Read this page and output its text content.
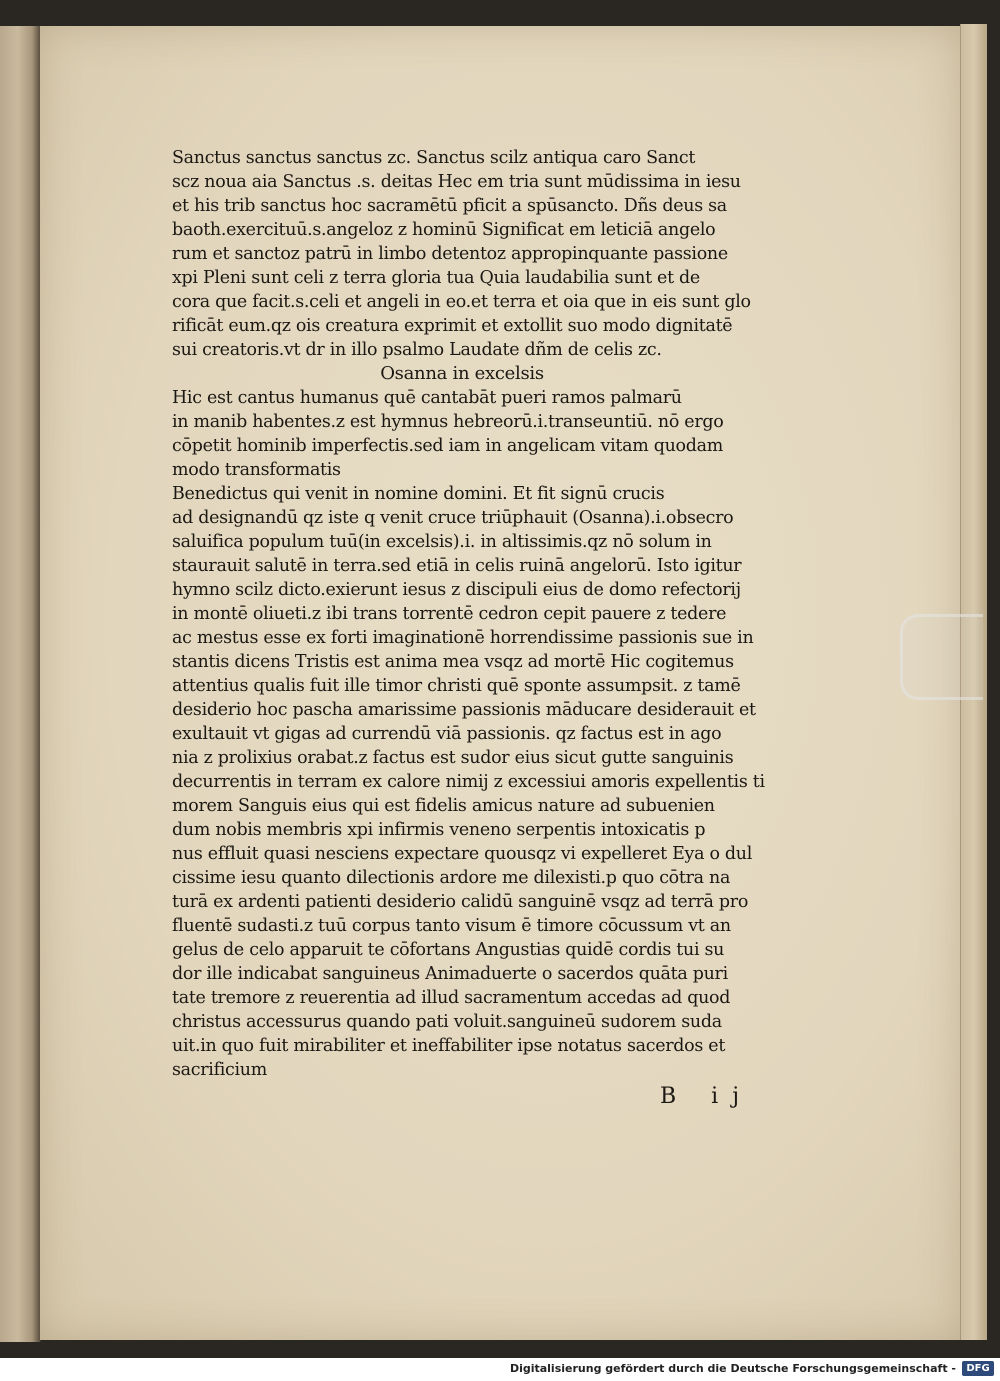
Sanctus sanctus sanctus zc. Sanctus scilz antiqua caro Sanct
scz noua aia Sanctus .s. deitas Hec em tria sunt mūdissima in iesu
et his trib sanctus hoc sacramētū pficit a spūsancto. Dñs deus sa
baoth.exercituū.s.angeloz z hominū Significat em leticiā angelo
rum et sanctoz patrū in limbo detentoz appropinquante passione
xpi Pleni sunt celi z terra gloria tua Quia laudabilia sunt et de
cora que facit.s.celi et angeli in eo.et terra et oia que in eis sunt glo
rificāt eum.qz ois creatura exprimit et extollit suo modo dignitatē
sui creatoris.vt dr in illo psalmo Laudate dñm de celis zc.
Osanna in excelsis
Hic est cantus humanus quē cantabāt pueri ramos palmarū
in manib habentes.z est hymnus hebreorū.i.transeuntiū. nō ergo
cōpetit hominib imperfectis.sed iam in angelicam vitam quodam
modo transformatis
Benedictus qui venit in nomine domini. Et fit signū crucis
ad designandū qz iste q venit cruce triūphauit (Osanna).i.obsecro
saluifica populum tuū(in excelsis).i. in altissimis.qz nō solum in
staurauit salutē in terra.sed etiā in celis ruinā angelorū. Isto igitur
hymno scilz dicto.exierunt iesus z discipuli eius de domo refectorij
in montē oliueti.z ibi trans torrentē cedron cepit pauere z tedere
ac mestus esse ex forti imaginationē horrendissime passionis sue in
stantis dicens Tristis est anima mea vsqz ad mortē Hic cogitemus
attentius qualis fuit ille timor christi quē sponte assumpsit. z tamē
desiderio hoc pascha amarissime passionis māducare desiderauit et
exultauit vt gigas ad currendū viā passionis. qz factus est in ago
nia z prolixius orabat.z factus est sudor eius sicut gutte sanguinis
decurrentis in terram ex calore nimij z excessiui amoris expellentis ti
morem Sanguis eius qui est fidelis amicus nature ad subuenien
dum nobis membris xpi infirmis veneno serpentis intoxicatis p
nus effluit quasi nesciens expectare quousqz vi expelleret Eya o dul
cissime iesu quanto dilectionis ardore me dilexisti.p quo cōtra na
turā ex ardenti patienti desiderio calidū sanguinē vsqz ad terrā pro
fluentē sudasti.z tuū corpus tanto visum ē timore cōcussum vt an
gelus de celo apparuit te cōfortans Angustias quidē cordis tui su
dor ille indicabat sanguineus Animaduerte o sacerdos quāta puri
tate tremore z reuerentia ad illud sacramentum accedas ad quod
christus accessurus quando pati voluit.sanguineū sudorem suda
uit.in quo fuit mirabiliter et ineffabiliter ipse notatus sacerdos et
sacrificium
B ij
Digitalisierung gefördert durch die Deutsche Forschungsgemeinschaft -	DFG
